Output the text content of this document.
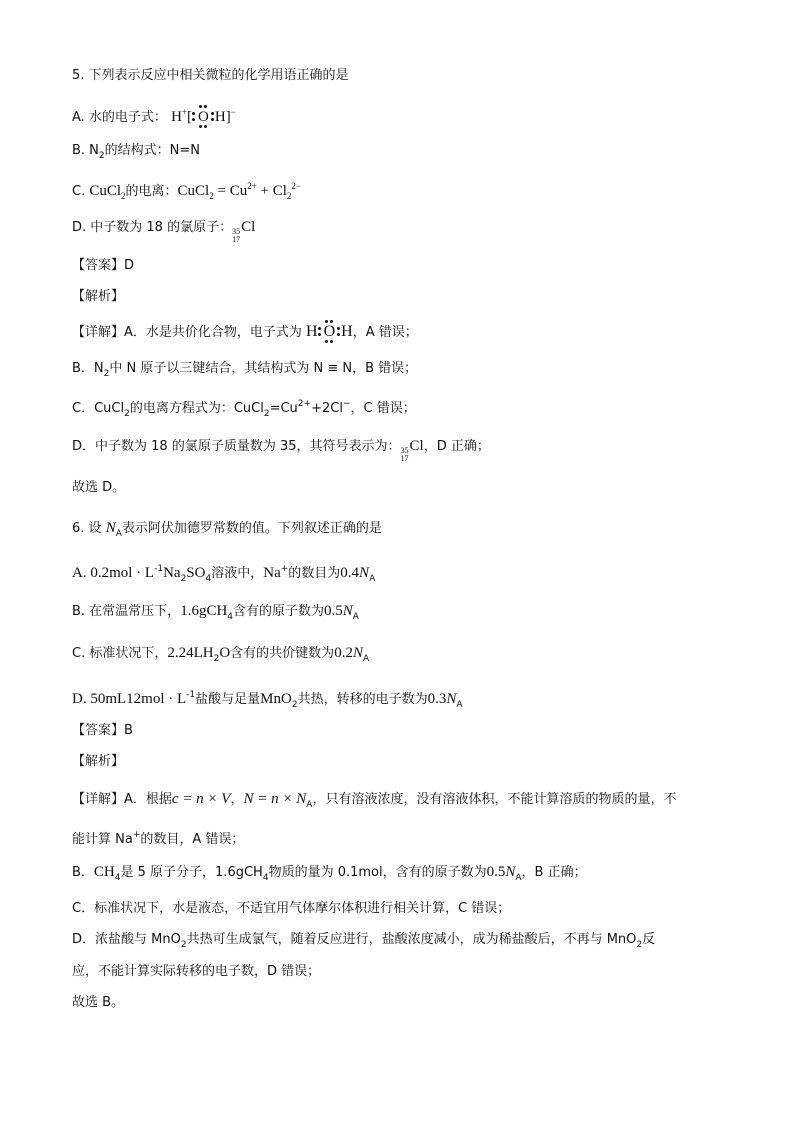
5. 下列表示反应中相关微粒的化学用语正确的是
A. 水的电子式： H+[ O H]−
B. $N_2$的结构式：N=N
C. CuCl$_2$的电离：CuCl$_2$ = $Cu^{2+} + Cl_2^{2-}$
D. 中子数为 18 的氯原子： 35
17
Cl
【答案】D
【解析】
【详解】A．水是共价化合物，电子式为 H O H，A 错误；
B．$N_2$中 N 原子以三键结合，其结构式为 N ≡ N，B 错误；
C．CuCl$_2$的电离方程式为：$CuCl_2=Cu^{2+}+2Cl^-$，C 错误；
D．中子数为 18 的氯原子质量数为 35，其符号表示为： 35
17
Cl，D 正确；
故选 D。
6. 设 $N_A$表示阿伏加德罗常数的值。下列叙述正确的是
A. $0.2mol \cdot L^{-1}Na_2SO_4$溶液中，Na+的数目为$0.4N_A$
B. 在常温常压下，1.6gCH$_4$含有的原子数为$0.5N_A$
C. 标准状况下，$2.24LH_2O$含有的共价键数为$0.2N_A$
D. $50mL12mol \cdot L^{-1}$盐酸与足量MnO$_2$共热，转移的电子数为$0.3N_A$
【答案】B
【解析】
【详解】A．根据c = n × V，$N = n \times N_A$，只有溶液浓度，没有溶液体积，不能计算溶质的物质的量，不
能计算 Na+的数目，A 错误；
B．$CH_4$是 5 原子分子，1.6gCH$_4$物质的量为 0.1mol，含有的原子数为$0.5N_A$，B 正确；
C．标准状况下，水是液态，不适宜用气体摩尔体积进行相关计算，C 错误；
D．浓盐酸与 MnO$_2$共热可生成氯气，随着反应进行，盐酸浓度减小，成为稀盐酸后，不再与 MnO$_2$反
应，不能计算实际转移的电子数，D 错误；
故选 B。
